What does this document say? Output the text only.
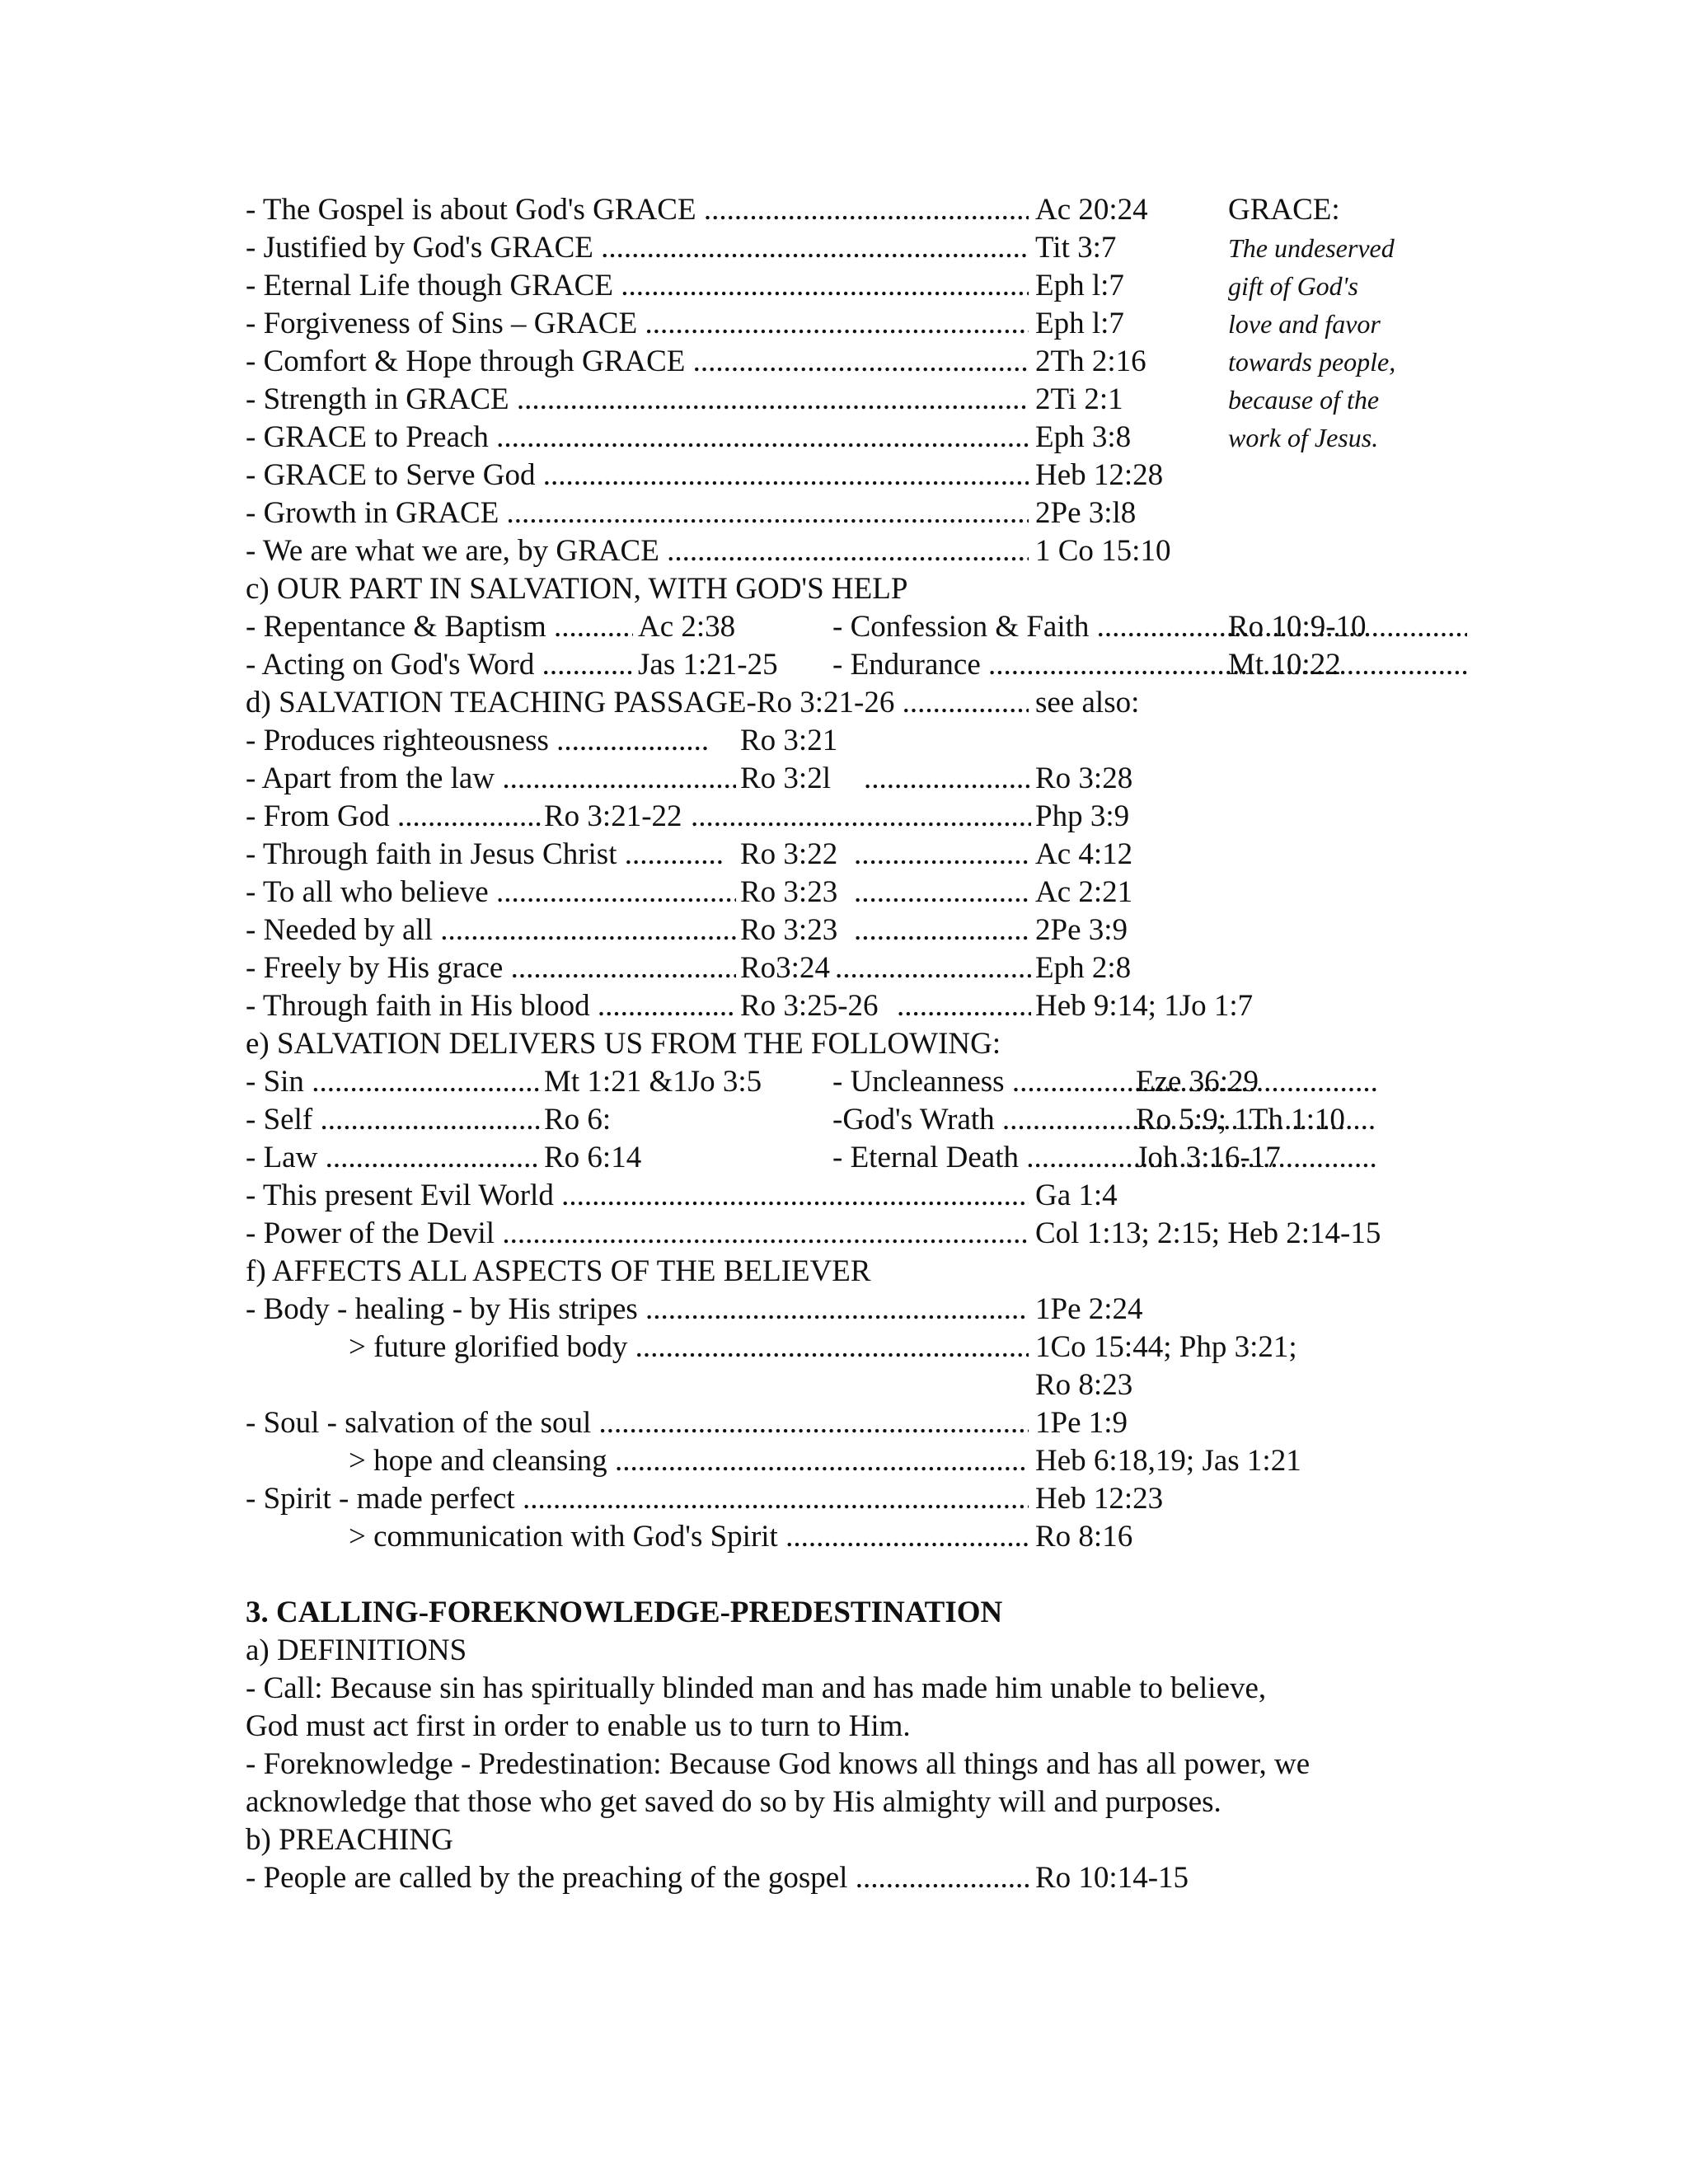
GRACE:
The undeserved
gift of God's
love and favor
towards people,
because of the
work of Jesus.
- The Gospel is about God's GRACE .....	Ac 20:24
- Justified by God's GRACE .....	Tit 3:7
- Eternal Life though GRACE .....	Eph l:7
- Forgiveness of Sins – GRACE .....	Eph l:7
- Comfort & Hope through GRACE .....	2Th 2:16
- Strength in GRACE .....	2Ti 2:1
- GRACE to Preach .....	Eph 3:8
- GRACE to Serve God .....	Heb 12:28
- Growth in GRACE .....	2Pe 3:l8
- We are what we are, by GRACE .....	1 Co 15:10
c) OUR PART IN SALVATION, WITH GOD'S HELP
- Repentance & Baptism .....	Ac 2:38	- Confession & Faith .....	Ro 10:9-10
- Acting on God's Word .....	Jas 1:21-25 - Endurance .....	Mt 10:22
d) SALVATION TEACHING PASSAGE-Ro 3:21-26 .....	see also:
- Produces righteousness .....	Ro 3:21
- Apart from the law .....	Ro 3:2l .....	Ro 3:28
- From God .....	Ro 3:21-22 .....	Php 3:9
- Through faith in Jesus Christ .....	Ro 3:22 .....	Ac 4:12
- To all who believe .....	Ro 3:23 .....	Ac 2:21
- Needed by all .....	Ro 3:23 .....	2Pe 3:9
- Freely by His grace .....	Ro3:24 .....	Eph 2:8
- Through faith in His blood .....	Ro 3:25-26 .....	Heb 9:14; 1Jo 1:7
e) SALVATION DELIVERS US FROM THE FOLLOWING:
- Sin .....	Mt 1:21 &1Jo 3:5 - Uncleanness .....	Eze 36:29
- Self .....	Ro 6:	-God's Wrath .....	Ro 5:9; 1Th 1:10
- Law .....	Ro 6:14	- Eternal Death .....	Joh 3:16-17
- This present Evil World .....	Ga 1:4
- Power of the Devil .....	Col 1:13; 2:15; Heb 2:14-15
f) AFFECTS ALL ASPECTS OF THE BELIEVER
- Body - healing - by His stripes .....	1Pe 2:24
> future glorified body .....	1Co 15:44; Php 3:21;
Ro 8:23
- Soul - salvation of the soul .....	1Pe 1:9
> hope and cleansing .....	Heb 6:18,19; Jas 1:21
- Spirit - made perfect .....	Heb 12:23
> communication with God's Spirit .....	Ro 8:16
3. CALLING-FOREKNOWLEDGE-PREDESTINATION
a) DEFINITIONS
- Call: Because sin has spiritually blinded man and has made him unable to believe,
God must act first in order to enable us to turn to Him.
- Foreknowledge - Predestination: Because God knows all things and has all power, we
acknowledge that those who get saved do so by His almighty will and purposes.
b) PREACHING
- People are called by the preaching of the gospel .....	Ro 10:14-15
